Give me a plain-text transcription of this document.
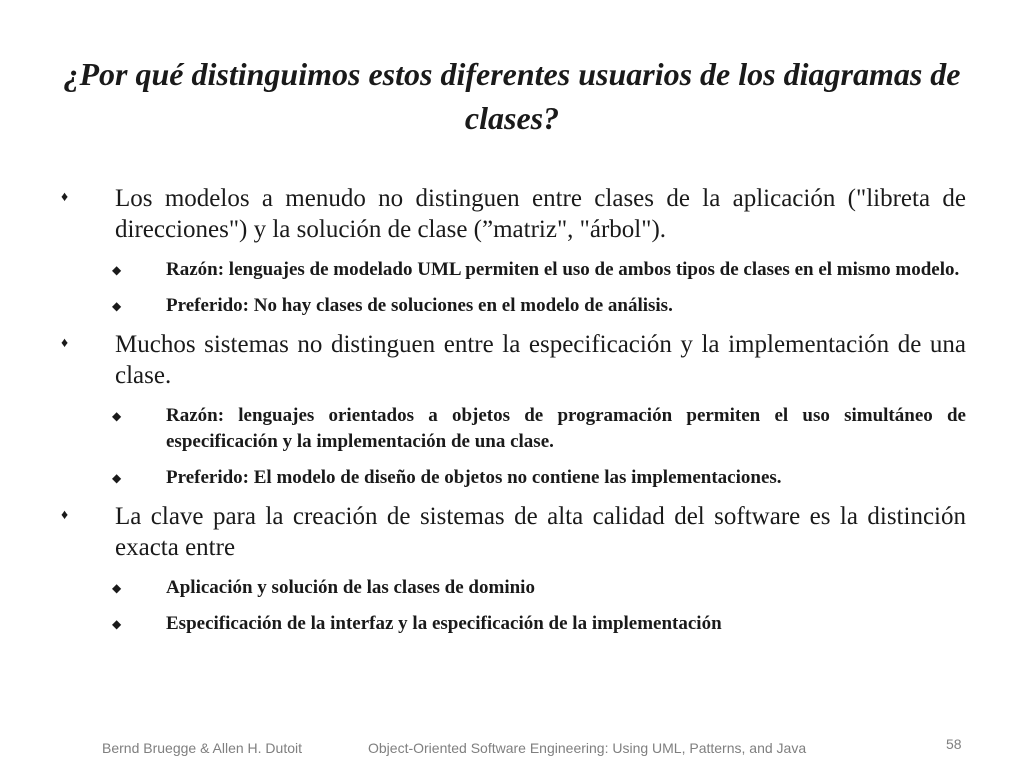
¿Por qué distinguimos estos diferentes usuarios de los diagramas de clases?
♦ Los modelos a menudo no distinguen entre clases de la aplicación ("libreta de direcciones") y la solución de clase (”matriz", "árbol").
◆ Razón: lenguajes de modelado UML permiten el uso de ambos tipos de clases en el mismo modelo.
◆ Preferido: No hay clases de soluciones en el modelo de análisis.
♦ Muchos sistemas no distinguen entre la especificación y la implementación de una clase.
◆ Razón: lenguajes orientados a objetos de programación permiten el uso simultáneo de especificación y la implementación de una clase.
◆ Preferido: El modelo de diseño de objetos no contiene las implementaciones.
♦ La clave para la creación de sistemas de alta calidad del software es la distinción exacta entre
◆ Aplicación y solución de las clases de dominio
◆ Especificación de la interfaz y la especificación de la implementación
Bernd Bruegge & Allen H. Dutoit	Object-Oriented Software Engineering: Using UML, Patterns, and Java	58
